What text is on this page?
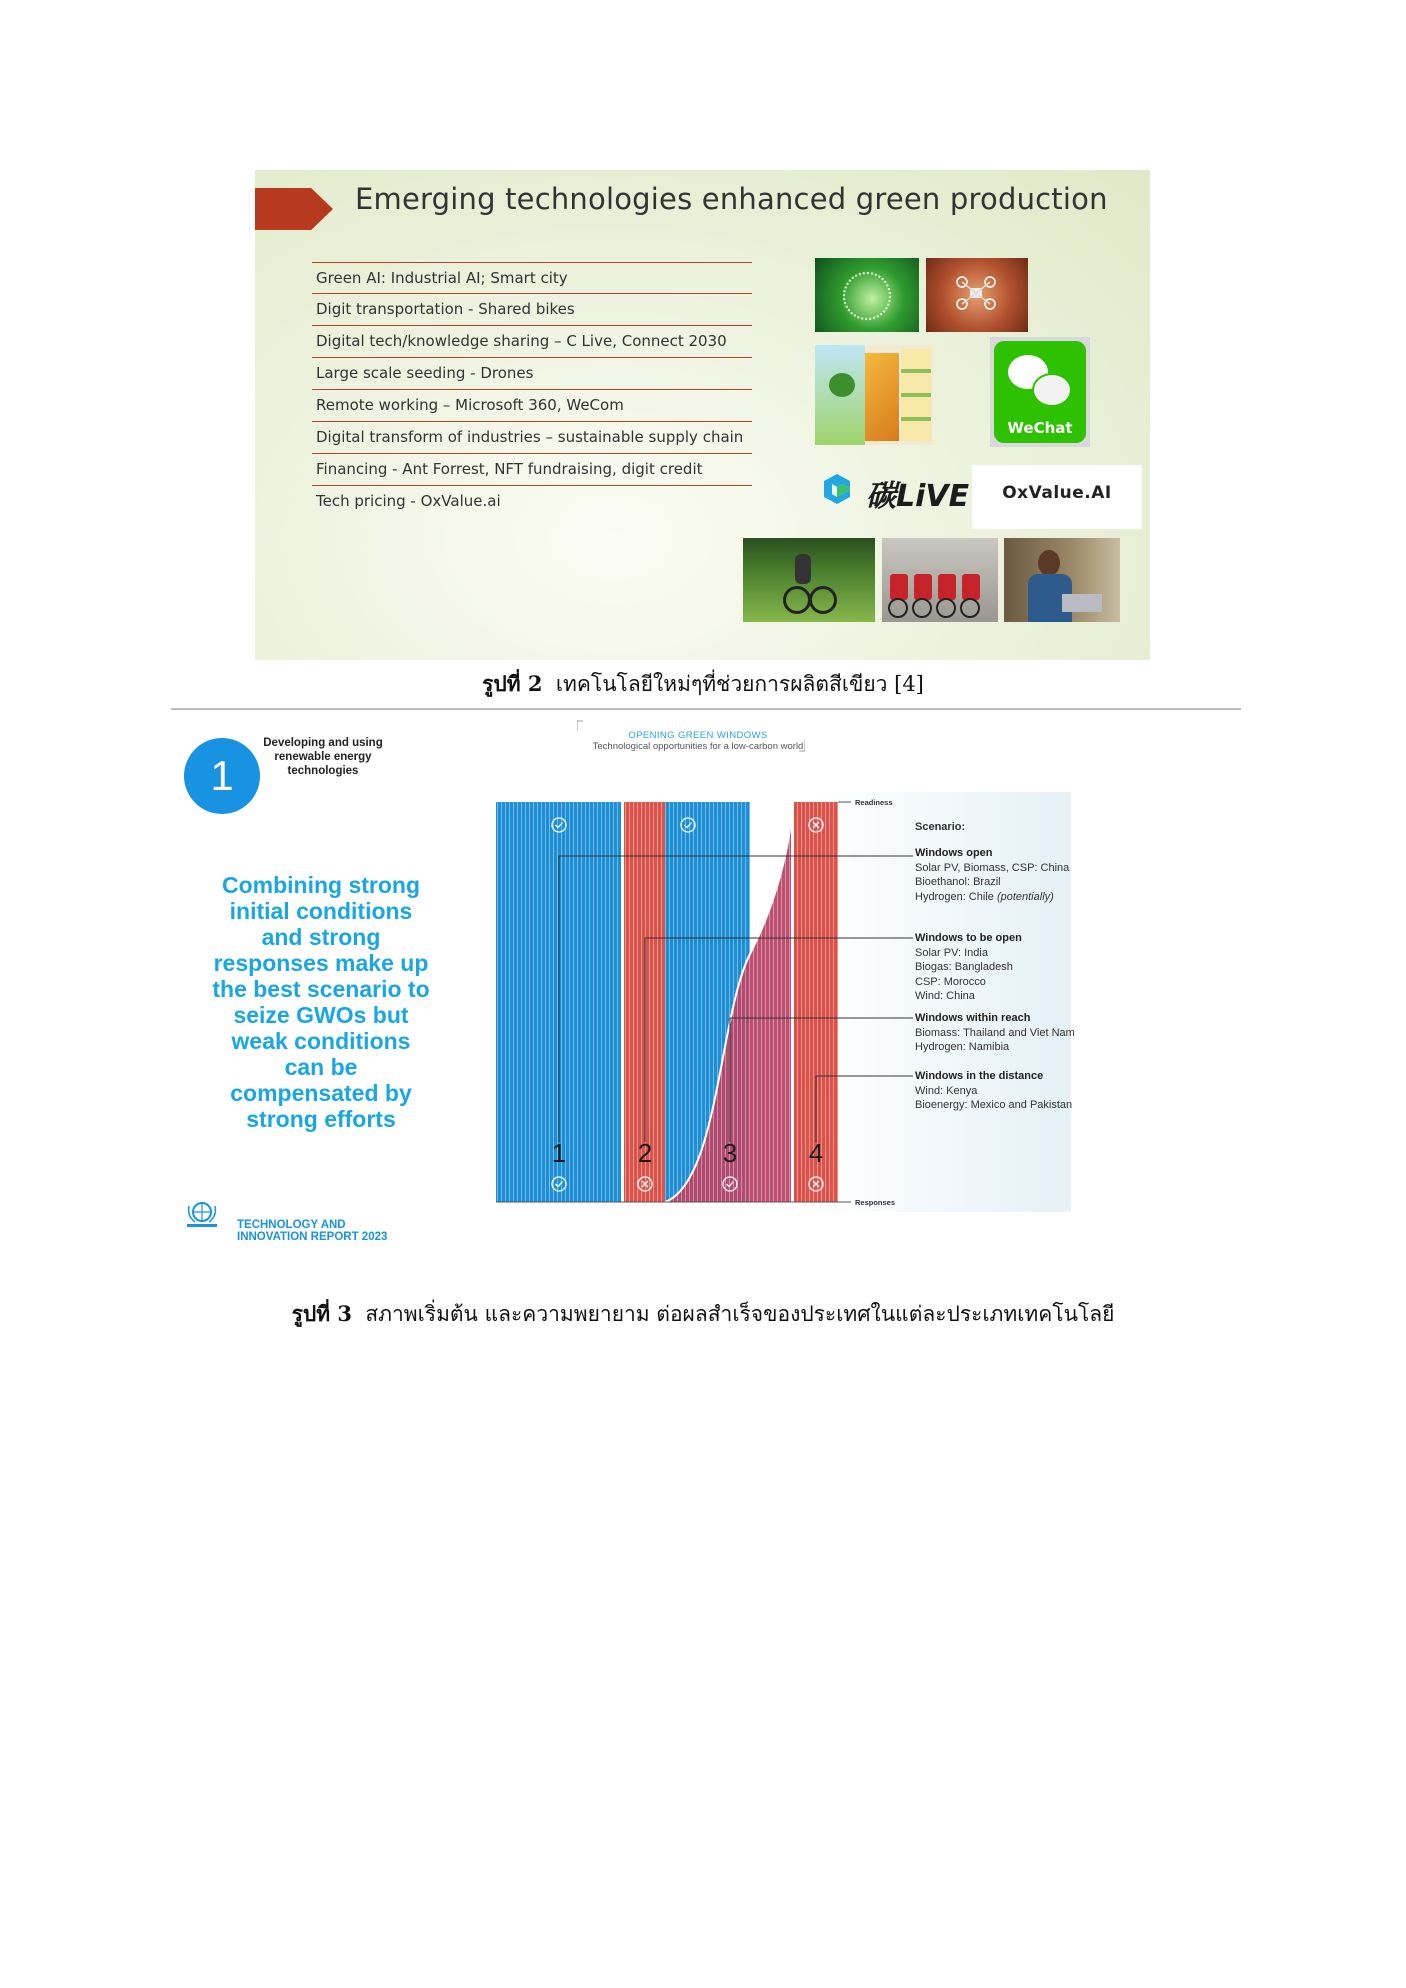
Emerging technologies enhanced green production
Green AI: Industrial AI; Smart city
Digit transportation - Shared bikes
Digital tech/knowledge sharing – C Live, Connect 2030
Large scale seeding - Drones
Remote working – Microsoft 360, WeCom
Digital transform of industries – sustainable supply chain
Financing - Ant Forrest, NFT fundraising, digit credit
Tech pricing - OxValue.ai
WeChat
碳LiVE	OxValue.AI
รูปที่ 2 เทคโนโลยีใหม่ๆที่ช่วยการผลิตสีเขียว [4]
1
Developing and using renewable energy technologies
Combining strong initial conditions and strong responses make up the best scenario to seize GWOs but weak conditions can be compensated by strong efforts
TECHNOLOGY AND
INNOVATION REPORT 2023
OPENING GREEN WINDOWS
Technological opportunities for a low-carbon world
Readiness
Responses
1	2	3	4
Scenario:
Windows open
Solar PV, Biomass, CSP: China
Bioethanol: Brazil
Hydrogen: Chile (potentially)
Windows to be open
Solar PV: India
Biogas: Bangladesh
CSP: Morocco
Wind: China
Windows within reach
Biomass: Thailand and Viet Nam
Hydrogen: Namibia
Windows in the distance
Wind: Kenya
Bioenergy: Mexico and Pakistan
รูปที่ 3 สภาพเริ่มต้น และความพยายาม ต่อผลสำเร็จของประเทศในแต่ละประเภทเทคโนโลยี
